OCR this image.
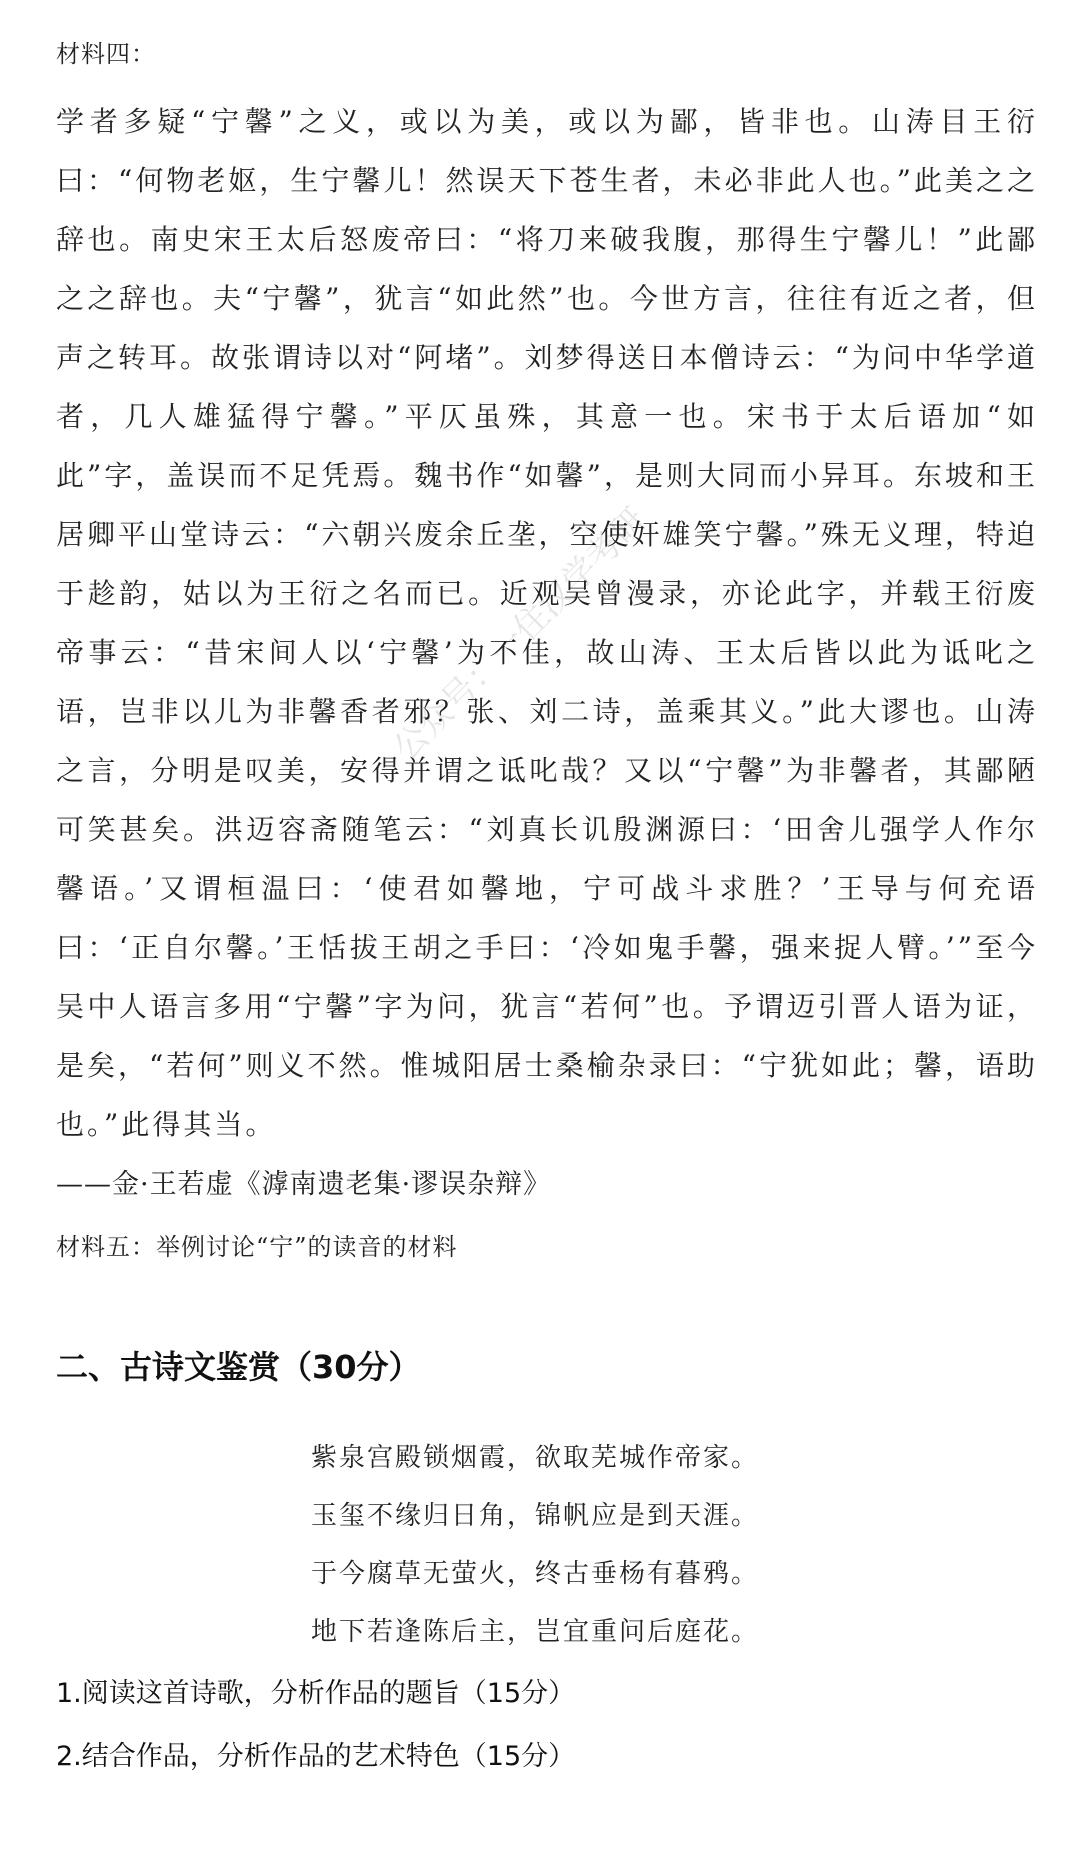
材料四：

学者多疑“宁馨”之义，或以为美，或以为鄙，皆非也。山涛目王衍曰：“何物老妪，生宁馨儿！然误天下苍生者，未必非此人也。”此美之之辞也。南史宋王太后怒废帝曰：“将刀来破我腹，那得生宁馨儿！”此鄙之之辞也。夫“宁馨”，犹言“如此然”也。今世方言，往往有近之者，但声之转耳。故张谓诗以对“阿堵”。刘梦得送日本僧诗云：“为问中华学道者，几人雄猛得宁馨。”平仄虽殊，其意一也。宋书于太后语加“如此”字，盖误而不足凭焉。魏书作“如馨”，是则大同而小异耳。东坡和王居卿平山堂诗云：“六朝兴废余丘垄，空使奸雄笑宁馨。”殊无义理，特迫于趁韵，姑以为王衍之名而已。近观吴曾漫录，亦论此字，并载王衍废帝事云：“昔宋间人以‘宁馨’为不佳，故山涛、王太后皆以此为诋叱之语，岂非以儿为非馨香者邪？张、刘二诗，盖乘其义。”此大谬也。山涛之言，分明是叹美，安得并谓之诋叱哉？又以“宁馨”为非馨者，其鄙陋可笑甚矣。洪迈容斋随笔云：“刘真长讥殷渊源曰：‘田舍儿强学人作尔馨语。’又谓桓温曰：‘使君如馨地，宁可战斗求胜？’王导与何充语曰：‘正自尔馨。’王恬拔王胡之手曰：‘冷如鬼手馨，强来捉人臂。’”至今吴中人语言多用“宁馨”字为问，犹言“若何”也。予谓迈引晋人语为证，是矣，“若何”则义不然。惟城阳居士桑榆杂录曰：“宁犹如此；馨，语助也。”此得其当。

——金·王若虚《滹南遗老集·谬误杂辩》
材料五：举例讨论“宁”的读音的材料
二、古诗文鉴赏（30分）
紫泉宫殿锁烟霞，欲取芜城作帝家。
玉玺不缘归日角，锦帆应是到天涯。
于今腐草无萤火，终古垂杨有暮鸦。
地下若逢陈后主，岂宜重问后庭花。
1.阅读这首诗歌，分析作品的题旨（15分）
2.结合作品，分析作品的艺术特色（15分）
公众号：一住汉学考研
